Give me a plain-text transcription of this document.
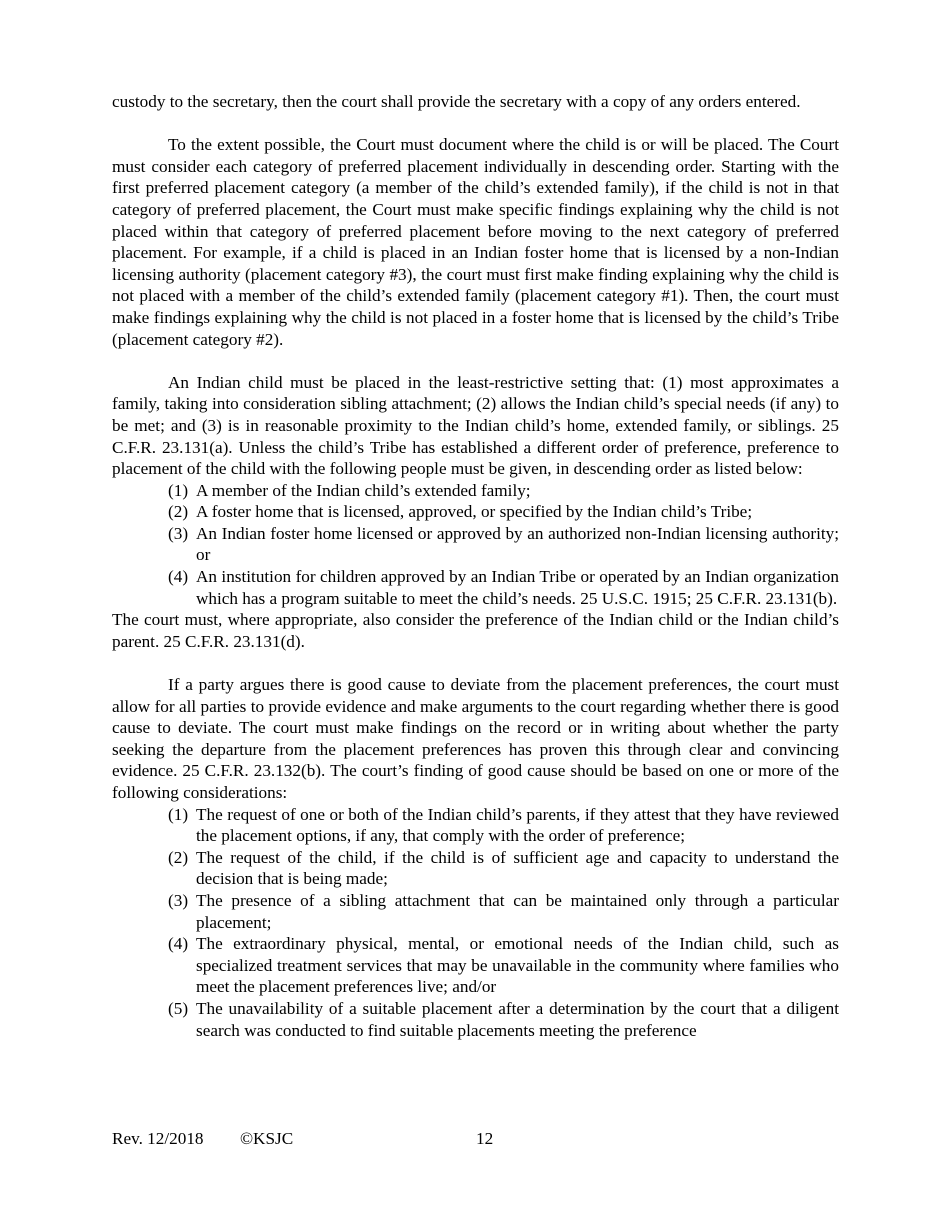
custody to the secretary, then the court shall provide the secretary with a copy of any orders entered.

To the extent possible, the Court must document where the child is or will be placed. The Court must consider each category of preferred placement individually in descending order. Starting with the first preferred placement category (a member of the child’s extended family), if the child is not in that category of preferred placement, the Court must make specific findings explaining why the child is not placed within that category of preferred placement before moving to the next category of preferred placement. For example, if a child is placed in an Indian foster home that is licensed by a non-Indian licensing authority (placement category #3), the court must first make finding explaining why the child is not placed with a member of the child’s extended family (placement category #1). Then, the court must make findings explaining why the child is not placed in a foster home that is licensed by the child’s Tribe (placement category #2).

An Indian child must be placed in the least-restrictive setting that: (1) most approximates a family, taking into consideration sibling attachment; (2) allows the Indian child’s special needs (if any) to be met; and (3) is in reasonable proximity to the Indian child’s home, extended family, or siblings. 25 C.F.R. 23.131(a). Unless the child’s Tribe has established a different order of preference, preference to placement of the child with the following people must be given, in descending order as listed below:

(1) A member of the Indian child’s extended family;
(2) A foster home that is licensed, approved, or specified by the Indian child’s Tribe;
(3) An Indian foster home licensed or approved by an authorized non-Indian licensing authority; or
(4) An institution for children approved by an Indian Tribe or operated by an Indian organization which has a program suitable to meet the child’s needs. 25 U.S.C. 1915; 25 C.F.R. 23.131(b).

The court must, where appropriate, also consider the preference of the Indian child or the Indian child’s parent. 25 C.F.R. 23.131(d).

If a party argues there is good cause to deviate from the placement preferences, the court must allow for all parties to provide evidence and make arguments to the court regarding whether there is good cause to deviate. The court must make findings on the record or in writing about whether the party seeking the departure from the placement preferences has proven this through clear and convincing evidence. 25 C.F.R. 23.132(b). The court’s finding of good cause should be based on one or more of the following considerations:

(1) The request of one or both of the Indian child’s parents, if they attest that they have reviewed the placement options, if any, that comply with the order of preference;
(2) The request of the child, if the child is of sufficient age and capacity to understand the decision that is being made;
(3) The presence of a sibling attachment that can be maintained only through a particular placement;
(4) The extraordinary physical, mental, or emotional needs of the Indian child, such as specialized treatment services that may be unavailable in the community where families who meet the placement preferences live; and/or
(5) The unavailability of a suitable placement after a determination by the court that a diligent search was conducted to find suitable placements meeting the preference
Rev. 12/2018 ©KSJC	12
